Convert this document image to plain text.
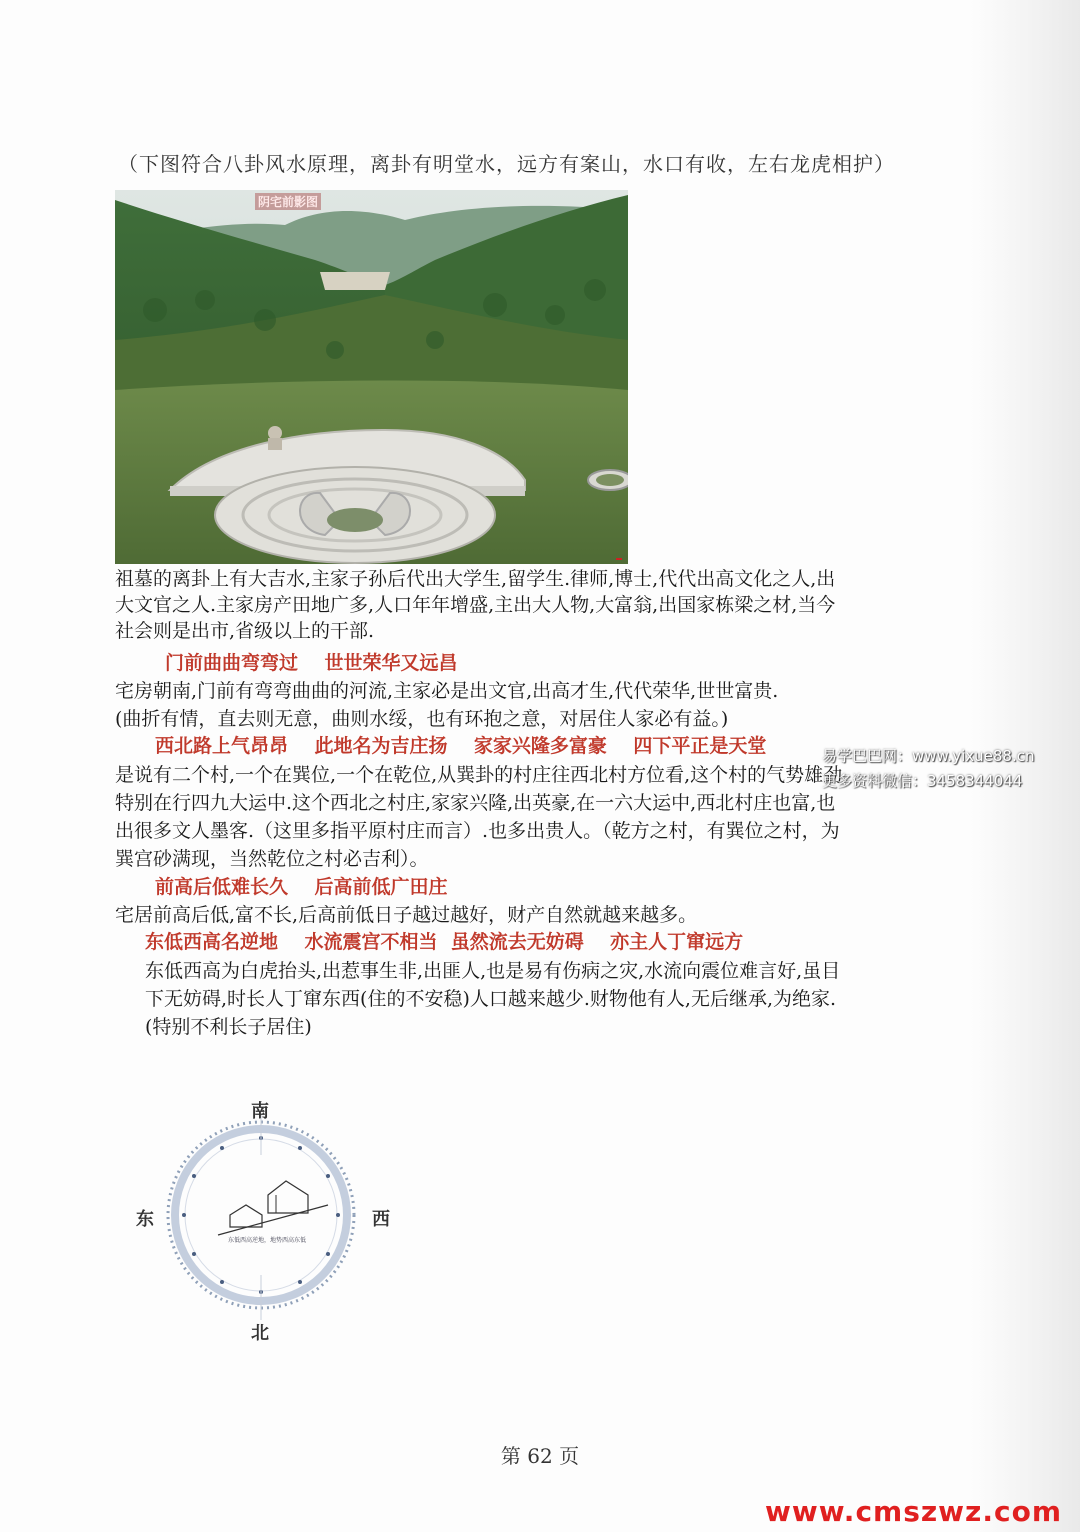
（下图符合八卦风水原理，离卦有明堂水，远方有案山，水口有收，左右龙虎相护）
阴宅前影图
祖墓的离卦上有大吉水,主家子孙后代出大学生,留学生.律师,博士,代代出高文化之人,出
大文官之人.主家房产田地广多,人口年年增盛,主出大人物,大富翁,出国家栋梁之材,当今
社会则是出市,省级以上的干部.
门前曲曲弯弯过    世世荣华又远昌
宅房朝南,门前有弯弯曲曲的河流,主家必是出文官,出高才生,代代荣华,世世富贵.
(曲折有情，直去则无意，曲则水绥，也有环抱之意，对居住人家必有益。)
西北路上气昂昂    此地名为吉庄扬    家家兴隆多富豪    四下平正是天堂
是说有二个村,一个在巽位,一个在乾位,从巽卦的村庄往西北村方位看,这个村的气势雄劲.
特别在行四九大运中.这个西北之村庄,家家兴隆,出英豪,在一六大运中,西北村庄也富,也
出很多文人墨客.（这里多指平原村庄而言）.也多出贵人。（乾方之村，有巽位之村，为
巽宫砂满现，当然乾位之村必吉利）。
前高后低难长久    后高前低广田庄
宅居前高后低,富不长,后高前低日子越过越好，财产自然就越来越多。
东低西高名逆地    水流震宫不相当  虽然流去无妨碍    亦主人丁窜远方
东低西高为白虎抬头,出惹事生非,出匪人,也是易有伤病之灾,水流向震位难言好,虽目
下无妨碍,时长人丁窜东西(住的不安稳)人口越来越少.财物他有人,无后继承,为绝家.
(特别不利长子居住)
易学巴巴网：www.yixue88.cn
更多资料微信：3458344044
南
北
东	西
东低西高逆地，地势西高东低
第 62 页
www.cmszwz.com
